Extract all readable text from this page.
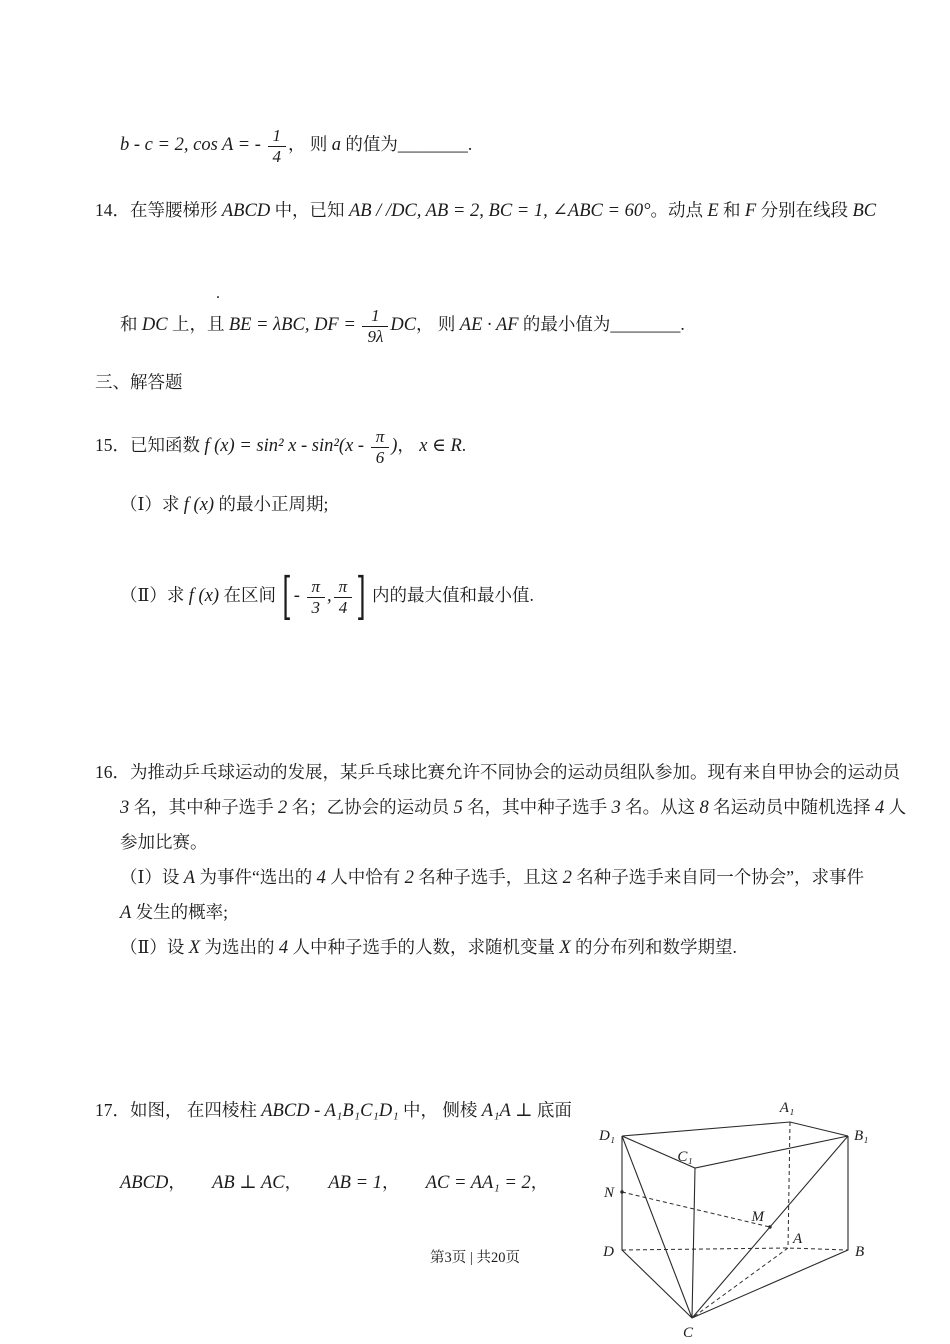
b - c = 2, cos A = - $\frac{1}{4}$ ， 则 a 的值为________.
14．在等腰梯形 ABCD 中，已知 AB / /DC, AB = 2, BC = 1, ∠ABC = 60°。动点 E 和 F 分别在线段 BC
.
和 DC 上，且 BE = λBC, DF = $\frac{1}{9\lambda}$ DC， 则 AE · AF 的最小值为________.
三、解答题
15．已知函数 f (x) = sin² x - $\sin^2(x - \frac{\pi}{6}$ )， x ∈ R.
（Ⅰ）求 f (x) 的最小正周期;
（Ⅱ）求 f (x) 在区间 [ - $\frac{\pi}{3}$ , $\frac{\pi}{4}$ ] 内的最大值和最小值.
16．为推动乒乓球运动的发展，某乒乓球比赛允许不同协会的运动员组队参加。现有来自甲协会的运动员
3 名，其中种子选手 2 名；乙协会的运动员 5 名，其中种子选手 3 名。从这 8 名运动员中随机选择 4 人
参加比赛。
（Ⅰ）设 A 为事件“选出的 4 人中恰有 2 名种子选手，且这 2 名种子选手来自同一个协会”，求事件
A 发生的概率;
（Ⅱ）设 X 为选出的 4 人中种子选手的人数，求随机变量 X 的分布列和数学期望.
17．如图， 在四棱柱 ABCD - A₁B₁C₁D₁ 中， 侧棱 A₁A ⊥ 底面
ABCD，　　AB ⊥ AC，　　AB = 1，　　AC = AA₁ = 2，
D₁
A₁
B₁
C₁
N
M
D
A
B
C
第3页 | 共20页
